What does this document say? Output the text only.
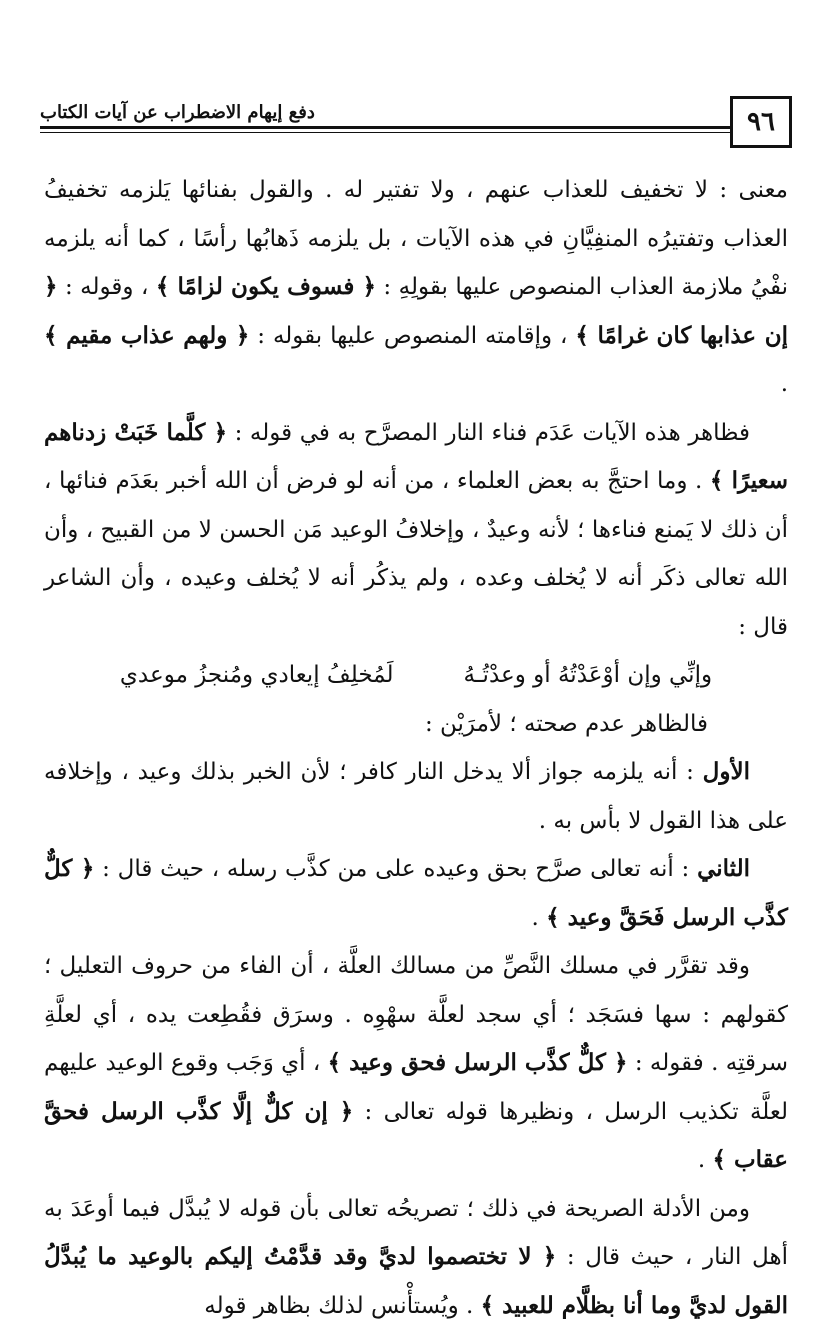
٩٦
دفع إيهام الاضطراب عن آيات الكتاب

معنى : لا تخفيف للعذاب عنهم ، ولا تفتير له . والقول بفنائها يَلزمه تخفيفُ العذاب وتفتيرُه المنفِيَّانِ في هذه الآيات ، بل يلزمه ذَهابُها رأسًا ، كما أنه يلزمه نفْيُ ملازمة العذاب المنصوص عليها بقولِهِ : ﴿ فسوف يكون لزامًا ﴾ ، وقوله : ﴿ إن عذابها كان غرامًا ﴾ ، وإقامته المنصوص عليها بقوله : ﴿ ولهم عذاب مقيم ﴾ .

فظاهر هذه الآيات عَدَم فناء النار المصرَّح به في قوله : ﴿ كلَّما خَبَتْ زدناهم سعيرًا ﴾ . وما احتجَّ به بعض العلماء ، من أنه لو فرض أن الله أخبر بعَدَم فنائها ، أن ذلك لا يَمنع فناءها ؛ لأنه وعيدٌ ، وإخلافُ الوعيد مَن الحسن لا من القبيح ، وأن الله تعالى ذكَر أنه لا يُخلف وعده ، ولم يذكُر أنه لا يُخلف وعيده ، وأن الشاعر قال :

وإنِّي وإن أوْعَدْتُهُ أو وعدْتُـهُ
لَمُخلِفُ إيعادي ومُنجزُ موعدي

فالظاهر عدم صحته ؛ لأمرَيْن :

الأول : أنه يلزمه جواز ألا يدخل النار كافر ؛ لأن الخبر بذلك وعيد ، وإخلافه على هذا القول لا بأس به .

الثاني : أنه تعالى صرَّح بحق وعيده على من كذَّب رسله ، حيث قال : ﴿ كلٌّ كذَّب الرسل فَحَقَّ وعيد ﴾ .

وقد تقرَّر في مسلك النَّصِّ من مسالك العلَّة ، أن الفاء من حروف التعليل ؛ كقولهم : سها فسَجَد ؛ أي سجد لعلَّة سهْوِه . وسرَق فقُطِعت يده ، أي لعلَّةِ سرقتِه . فقوله : ﴿ كلٌّ كذَّب الرسل فحق وعيد ﴾ ، أي وَجَب وقوع الوعيد عليهم لعلَّة تكذيب الرسل ، ونظيرها قوله تعالى : ﴿ إن كلٌّ إلَّا كذَّب الرسل فحقَّ عقاب ﴾ .

ومن الأدلة الصريحة في ذلك ؛ تصريحُه تعالى بأن قوله لا يُبدَّل فيما أوعَدَ به أهل النار ، حيث قال : ﴿ لا تختصموا لديَّ وقد قدَّمْتُ إليكم بالوعيد ما يُبدَّلُ القول لديَّ وما أنا بظلَّام للعبيد ﴾ . ويُستأْنس لذلك بظاهر قوله
